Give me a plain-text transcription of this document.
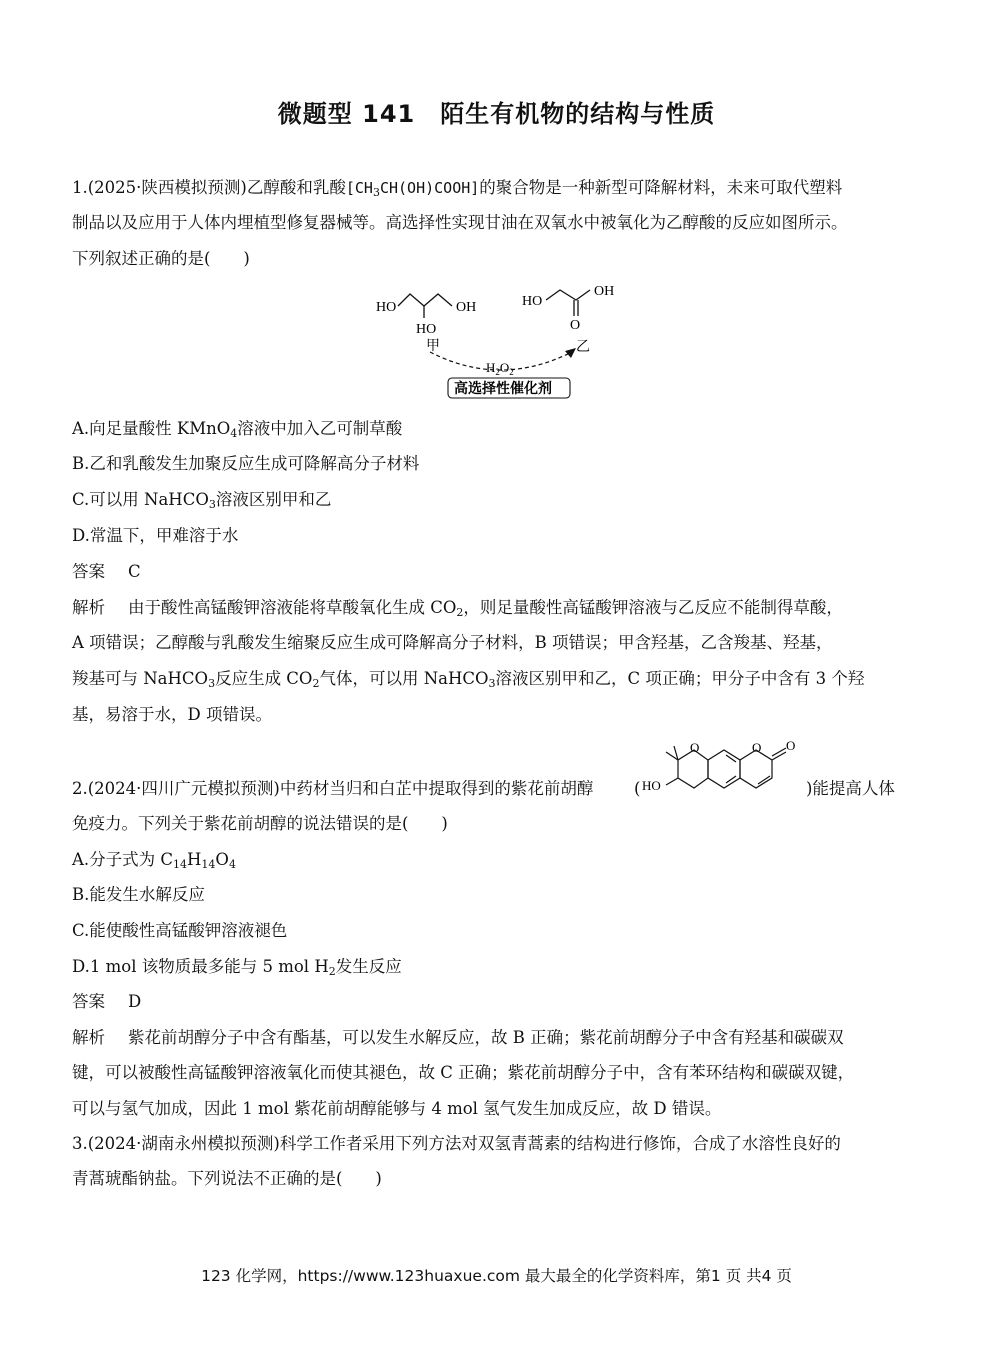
微题型 141　陌生有机物的结构与性质
1.(2025·陕西模拟预测)乙醇酸和乳酸$[CH_3CH(OH)COOH]$的聚合物是一种新型可降解材料，未来可取代塑料
制品以及应用于人体内埋植型修复器械等。高选择性实现甘油在双氧水中被氧化为乙醇酸的反应如图所示。
下列叙述正确的是(　　)
HO	OH
HO
甲
HO
OH
O
乙
$H_2O_2$
高选择性催化剂
A.向足量酸性 KMnO$_4$溶液中加入乙可制草酸
B.乙和乳酸发生加聚反应生成可降解高分子材料
C.可以用 NaHCO$_3$溶液区别甲和乙
D.常温下，甲难溶于水
答案 C
解析 由于酸性高锰酸钾溶液能将草酸氧化生成 $CO_2$，则足量酸性高锰酸钾溶液与乙反应不能制得草酸，
A 项错误；乙醇酸与乳酸发生缩聚反应生成可降解高分子材料，B 项错误；甲含羟基，乙含羧基、羟基，
羧基可与 NaHCO$_3$反应生成 $CO_2$气体，可以用 NaHCO$_3$溶液区别甲和乙，C 项正确；甲分子中含有 3 个羟
基，易溶于水，D 项错误。
2.(2024·四川广元模拟预测)中药材当归和白芷中提取得到的紫花前胡醇 ( HO
O	O O
)能提高人体
免疫力。下列关于紫花前胡醇的说法错误的是(　　)
A.分子式为 $C_{14}H_{14}O_4$
B.能发生水解反应
C.能使酸性高锰酸钾溶液褪色
D.1 mol 该物质最多能与 5 mol $H_2$发生反应
答案 D
解析 紫花前胡醇分子中含有酯基，可以发生水解反应，故 B 正确；紫花前胡醇分子中含有羟基和碳碳双
键，可以被酸性高锰酸钾溶液氧化而使其褪色，故 C 正确；紫花前胡醇分子中，含有苯环结构和碳碳双键，
可以与氢气加成，因此 1 mol 紫花前胡醇能够与 4 mol 氢气发生加成反应，故 D 错误。
3.(2024·湖南永州模拟预测)科学工作者采用下列方法对双氢青蒿素的结构进行修饰，合成了水溶性良好的
青蒿琥酯钠盐。下列说法不正确的是(　　)
123 化学网，https://www.123huaxue.com 最大最全的化学资料库，第1 页 共4 页
